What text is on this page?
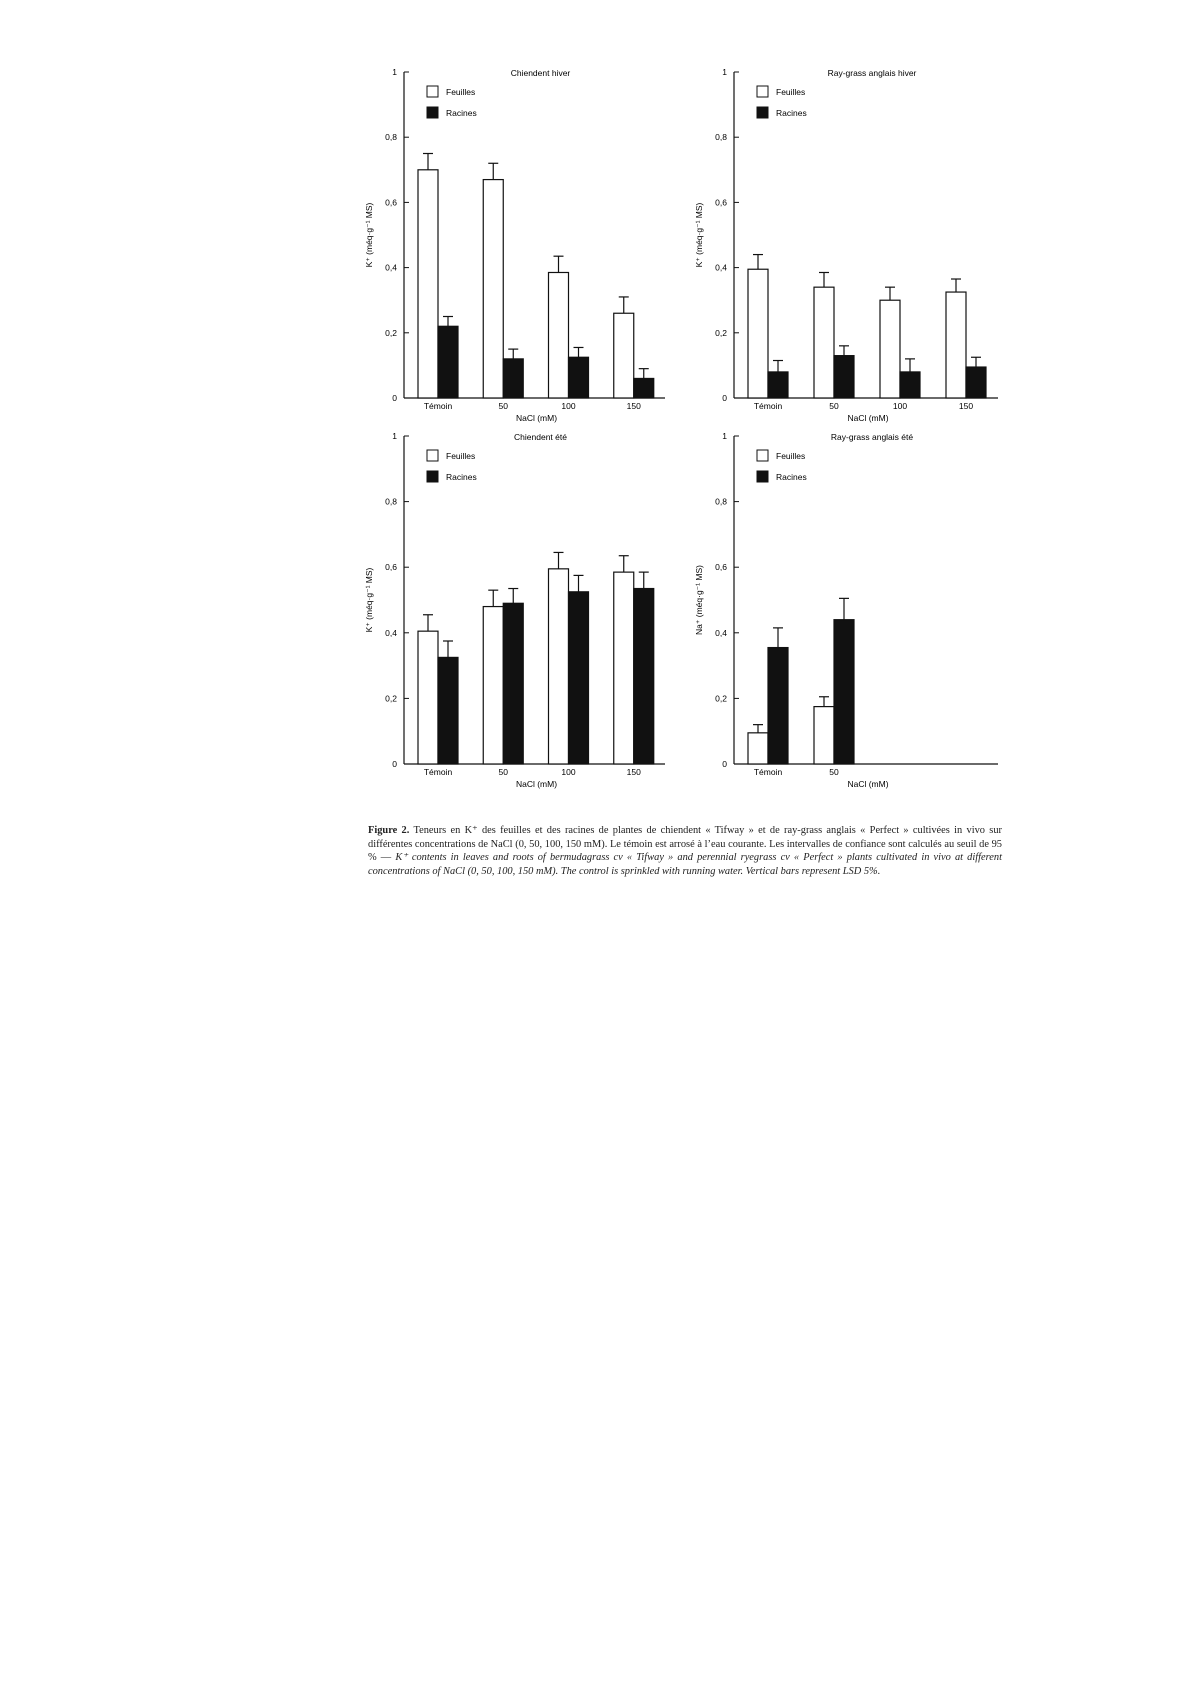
0
0,2
0,4
0,6
0,8
1	Chiendent hiver
K⁺ (méq·g⁻¹ MS)
NaCl (mM)
Feuilles
Racines
Témoin	50	100	150
0
0,2
0,4
0,6
0,8
1	Ray-grass anglais hiver
K⁺ (méq·g⁻¹ MS)
NaCl (mM)
Feuilles
Racines
Témoin	50	100	150
0
0,2
0,4
0,6
0,8
1	Chiendent été
K⁺ (méq·g⁻¹ MS)
NaCl (mM)
Feuilles
Racines
Témoin	50	100	150
0
0,2
0,4
0,6
0,8
1	Ray-grass anglais été
Na⁺ (méq·g⁻¹ MS)
NaCl (mM)
Feuilles
Racines
Témoin	50
Figure 2. Teneurs en K⁺ des feuilles et des racines de plantes de chiendent « Tifway » et de ray-grass anglais « Perfect » cultivées in vivo sur différentes concentrations de NaCl (0, 50, 100, 150 mM). Le témoin est arrosé à l’eau courante. Les intervalles de confiance sont calculés au seuil de 95 % — K⁺ contents in leaves and roots of bermudagrass cv « Tifway » and perennial ryegrass cv « Perfect » plants cultivated in vivo at different concentrations of NaCl (0, 50, 100, 150 mM). The control is sprinkled with running water. Vertical bars represent LSD 5%.
